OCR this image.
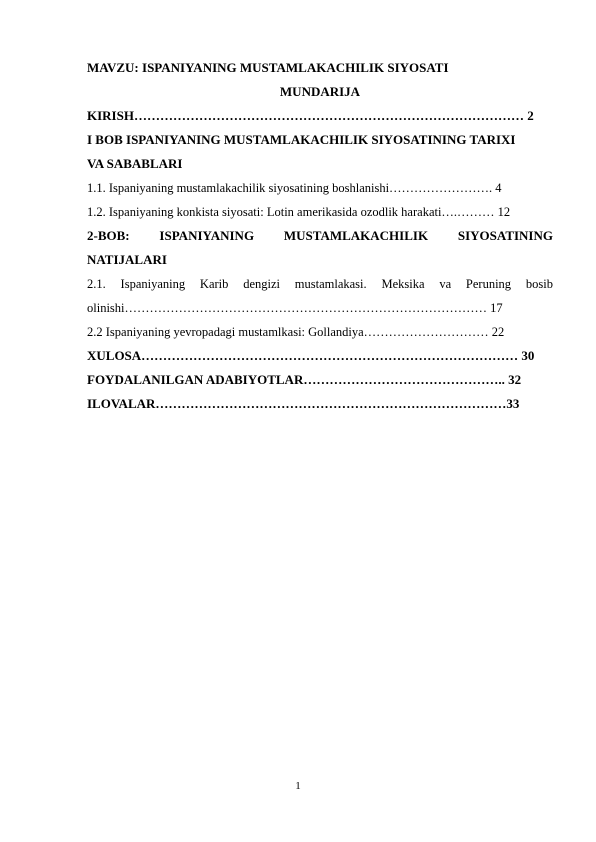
MAVZU: ISPANIYANING MUSTAMLAKACHILIK SIYOSATI
MUNDARIJA
KIRISH……………………………………………………………………………… 2
I BOB ISPANIYANING MUSTAMLAKACHILIK SIYOSATINING TARIXI
VA SABABLARI
1.1. Ispaniyaning mustamlakachilik siyosatining boshlanishi……………………. 4
1.2. Ispaniyaning konkista siyosati: Lotin amerikasida ozodlik harakati….……… 12
2-BOB: ISPANIYANING MUSTAMLAKACHILIK SIYOSATINING
NATIJALARI
2.1. Ispaniyaning Karib dengizi mustamlakasi. Meksika va Peruning bosib
olinishi…………………………………………………………………………… 17
2.2 Ispaniyaning yevropadagi mustamlkasi: Gollandiya………………………… 22
XULOSA…………………………………………………………………………… 30
FOYDALANILGAN ADABIYOTLAR……………………………………….. 32
ILOVALAR………………………………………………………………………33
1
